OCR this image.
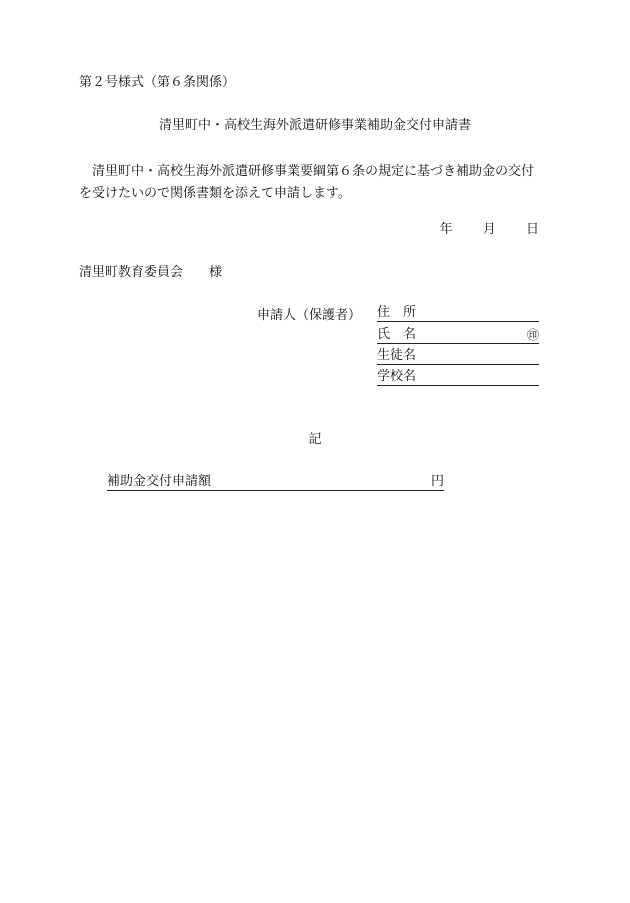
第２号様式（第６条関係）
清里町中・高校生海外派遣研修事業補助金交付申請書
　清里町中・高校生海外派遣研修事業要綱第６条の規定に基づき補助金の交付を受けたいので関係書類を添えて申請します。
年 月 日
清里町教育委員会　　様
申請人（保護者） 住　所
氏　名	㊞
生徒名
学校名
記
補助金交付申請額	円
